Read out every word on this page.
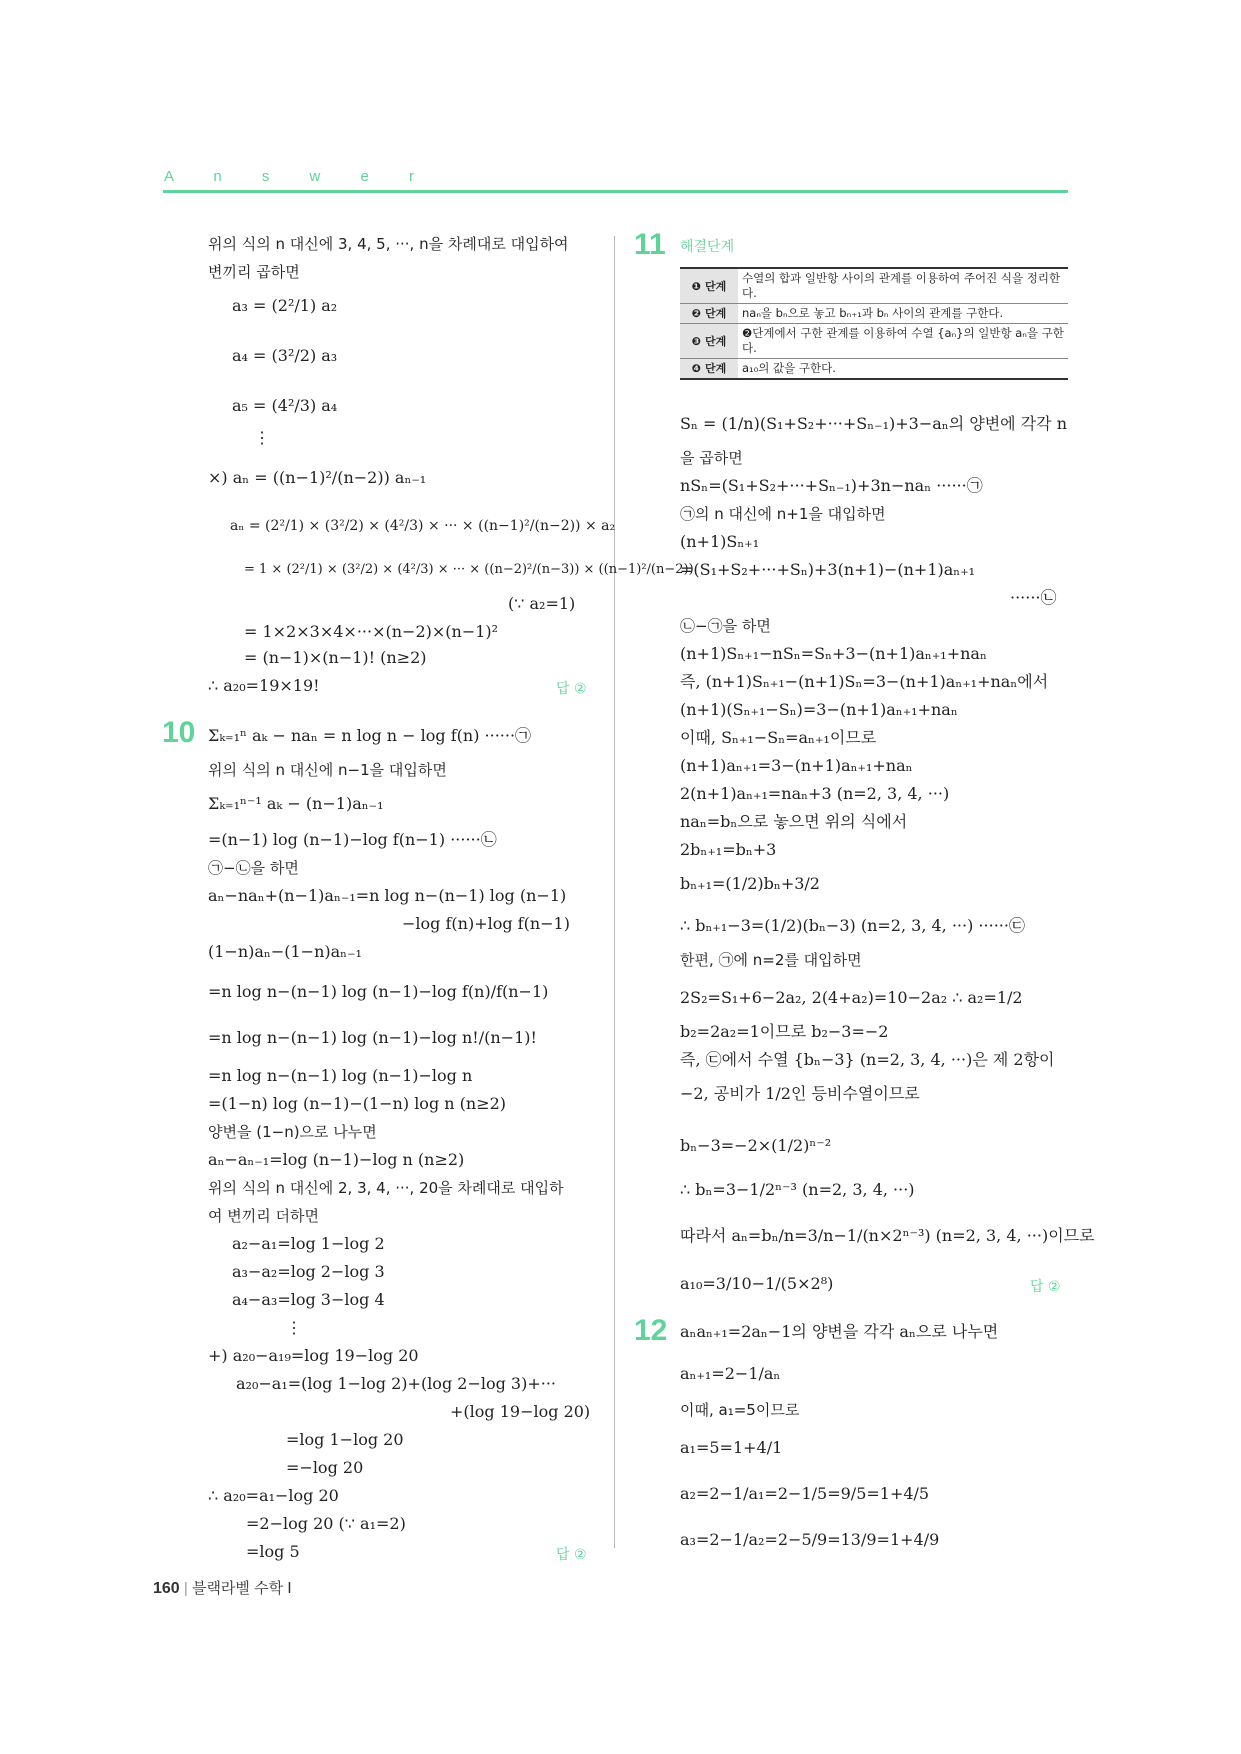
A n s w e r
위의 식의 n 대신에 3, 4, 5, ···, n을 차례대로 대입하여
변끼리 곱하면
a₃ = (2²/1) a₂
a₄ = (3²/2) a₃
a₅ = (4²/3) a₄
⋮
×) aₙ = ((n−1)²/(n−2)) aₙ₋₁
aₙ = (2²/1) × (3²/2) × (4²/3) × ··· × ((n−1)²/(n−2)) × a₂
= 1 × (2²/1) × (3²/2) × (4²/3) × ··· × ((n−2)²/(n−3)) × ((n−1)²/(n−2))
(∵ a₂=1)
= 1×2×3×4×···×(n−2)×(n−1)²
= (n−1)×(n−1)! (n≥2)
∴ a₂₀=19×19!	답 ②
10 Σₖ₌₁ⁿ aₖ − naₙ = n log n − log f(n) ······㉠
위의 식의 n 대신에 n−1을 대입하면
Σₖ₌₁ⁿ⁻¹ aₖ − (n−1)aₙ₋₁
=(n−1) log (n−1)−log f(n−1) ······㉡
㉠−㉡을 하면
aₙ−naₙ+(n−1)aₙ₋₁=n log n−(n−1) log (n−1)
−log f(n)+log f(n−1)
(1−n)aₙ−(1−n)aₙ₋₁
=n log n−(n−1) log (n−1)−log f(n)/f(n−1)
=n log n−(n−1) log (n−1)−log n!/(n−1)!
=n log n−(n−1) log (n−1)−log n
=(1−n) log (n−1)−(1−n) log n (n≥2)
양변을 (1−n)으로 나누면
aₙ−aₙ₋₁=log (n−1)−log n (n≥2)
위의 식의 n 대신에 2, 3, 4, ···, 20을 차례대로 대입하
여 변끼리 더하면
a₂−a₁=log 1−log 2
a₃−a₂=log 2−log 3
a₄−a₃=log 3−log 4
⋮
+) a₂₀−a₁₉=log 19−log 20
a₂₀−a₁=(log 1−log 2)+(log 2−log 3)+···
+(log 19−log 20)
=log 1−log 20
=−log 20
∴ a₂₀=a₁−log 20
=2−log 20 (∵ a₁=2)
=log 5	답 ②
11 해결단계
❶ 단계	수열의 합과 일반항 사이의 관계를 이용하여 주어진 식을 정리한다.
❷ 단계	naₙ을 bₙ으로 놓고 bₙ₊₁과 bₙ 사이의 관계를 구한다.
❸ 단계	❷단계에서 구한 관계를 이용하여 수열 {aₙ}의 일반항 aₙ을 구한다.
❹ 단계	a₁₀의 값을 구한다.
Sₙ = (1/n)(S₁+S₂+···+Sₙ₋₁)+3−aₙ의 양변에 각각 n
을 곱하면
nSₙ=(S₁+S₂+···+Sₙ₋₁)+3n−naₙ ······㉠
㉠의 n 대신에 n+1을 대입하면
(n+1)Sₙ₊₁
=(S₁+S₂+···+Sₙ)+3(n+1)−(n+1)aₙ₊₁
······㉡
㉡−㉠을 하면
(n+1)Sₙ₊₁−nSₙ=Sₙ+3−(n+1)aₙ₊₁+naₙ
즉, (n+1)Sₙ₊₁−(n+1)Sₙ=3−(n+1)aₙ₊₁+naₙ에서
(n+1)(Sₙ₊₁−Sₙ)=3−(n+1)aₙ₊₁+naₙ
이때, Sₙ₊₁−Sₙ=aₙ₊₁이므로
(n+1)aₙ₊₁=3−(n+1)aₙ₊₁+naₙ
2(n+1)aₙ₊₁=naₙ+3 (n=2, 3, 4, ···)
naₙ=bₙ으로 놓으면 위의 식에서
2bₙ₊₁=bₙ+3
bₙ₊₁=(1/2)bₙ+3/2
∴ bₙ₊₁−3=(1/2)(bₙ−3) (n=2, 3, 4, ···) ······㉢
한편, ㉠에 n=2를 대입하면
2S₂=S₁+6−2a₂, 2(4+a₂)=10−2a₂ ∴ a₂=1/2
b₂=2a₂=1이므로 b₂−3=−2
즉, ㉢에서 수열 {bₙ−3} (n=2, 3, 4, ···)은 제 2항이
−2, 공비가 1/2인 등비수열이므로
bₙ−3=−2×(1/2)ⁿ⁻²
∴ bₙ=3−1/2ⁿ⁻³ (n=2, 3, 4, ···)
따라서 aₙ=bₙ/n=3/n−1/(n×2ⁿ⁻³) (n=2, 3, 4, ···)이므로
a₁₀=3/10−1/(5×2⁸)	답 ②
12 aₙaₙ₊₁=2aₙ−1의 양변을 각각 aₙ으로 나누면
aₙ₊₁=2−1/aₙ
이때, a₁=5이므로
a₁=5=1+4/1
a₂=2−1/a₁=2−1/5=9/5=1+4/5
a₃=2−1/a₂=2−5/9=13/9=1+4/9
160 | 블랙라벨 수학 Ⅰ
